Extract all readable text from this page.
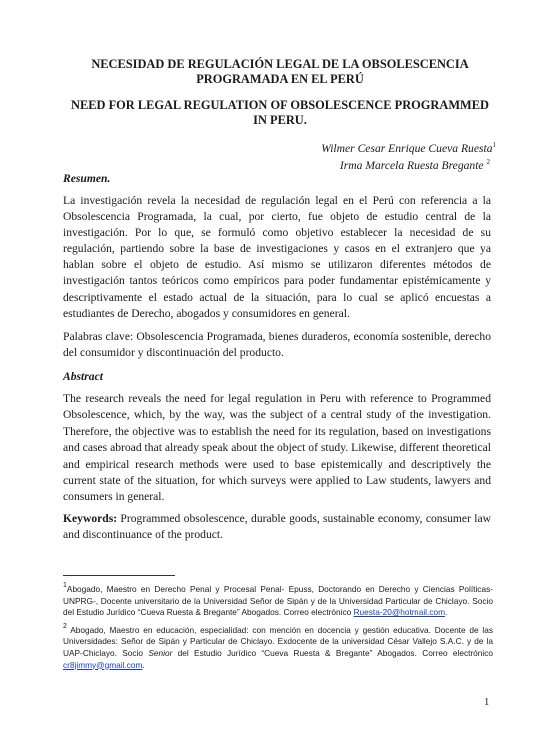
NECESIDAD DE REGULACIÓN LEGAL DE LA OBSOLESCENCIA PROGRAMADA EN EL PERÚ
NEED FOR LEGAL REGULATION OF OBSOLESCENCE PROGRAMMED IN PERU.
Wilmer Cesar Enrique Cueva Ruesta$^1$
Irma Marcela Ruesta Bregante $^2$
Resumen.

La investigación revela la necesidad de regulación legal en el Perú con referencia a la Obsolescencia Programada, la cual, por cierto, fue objeto de estudio central de la investigación. Por lo que, se formuló como objetivo establecer la necesidad de su regulación, partiendo sobre la base de investigaciones y casos en el extranjero que ya hablan sobre el objeto de estudio. Así mismo se utilizaron diferentes métodos de investigación tantos teóricos como empíricos para poder fundamentar epistémicamente y descriptivamente el estado actual de la situación, para lo cual se aplicó encuestas a estudiantes de Derecho, abogados y consumidores en general.

Palabras clave: Obsolescencia Programada, bienes duraderos, economía sostenible, derecho del consumidor y discontinuación del producto.

Abstract

The research reveals the need for legal regulation in Peru with reference to Programmed Obsolescence, which, by the way, was the subject of a central study of the investigation. Therefore, the objective was to establish the need for its regulation, based on investigations and cases abroad that already speak about the object of study. Likewise, different theoretical and empirical research methods were used to base epistemically and descriptively the current state of the situation, for which surveys were applied to Law students, lawyers and consumers in general.

Keywords: Programmed obsolescence, durable goods, sustainable economy, consumer law and discontinuance of the product.

$^1$Abogado, Maestro en Derecho Penal y Procesal Penal- Epuss, Doctorando en Derecho y Ciencias Políticas- UNPRG-, Docente universitario de la Universidad Señor de Sipán y de la Universidad Particular de Chiclayo. Socio del Estudio Jurídico “Cueva Ruesta & Bregante” Abogados. Correo electrónico Ruesta-20@hotmail.com.

$^2$ Abogado, Maestro en educación, especialidad: con mención en docencia y gestión educativa. Docente de las Universidades: Señor de Sipán y Particular de Chiclayo. Exdocente de la universidad César Vallejo S.A.C. y de la UAP-Chiclayo. Socio Senior del Estudio Jurídico “Cueva Ruesta & Bregante” Abogados. Correo electrónico cr8jimmy@gmail.com.

1
